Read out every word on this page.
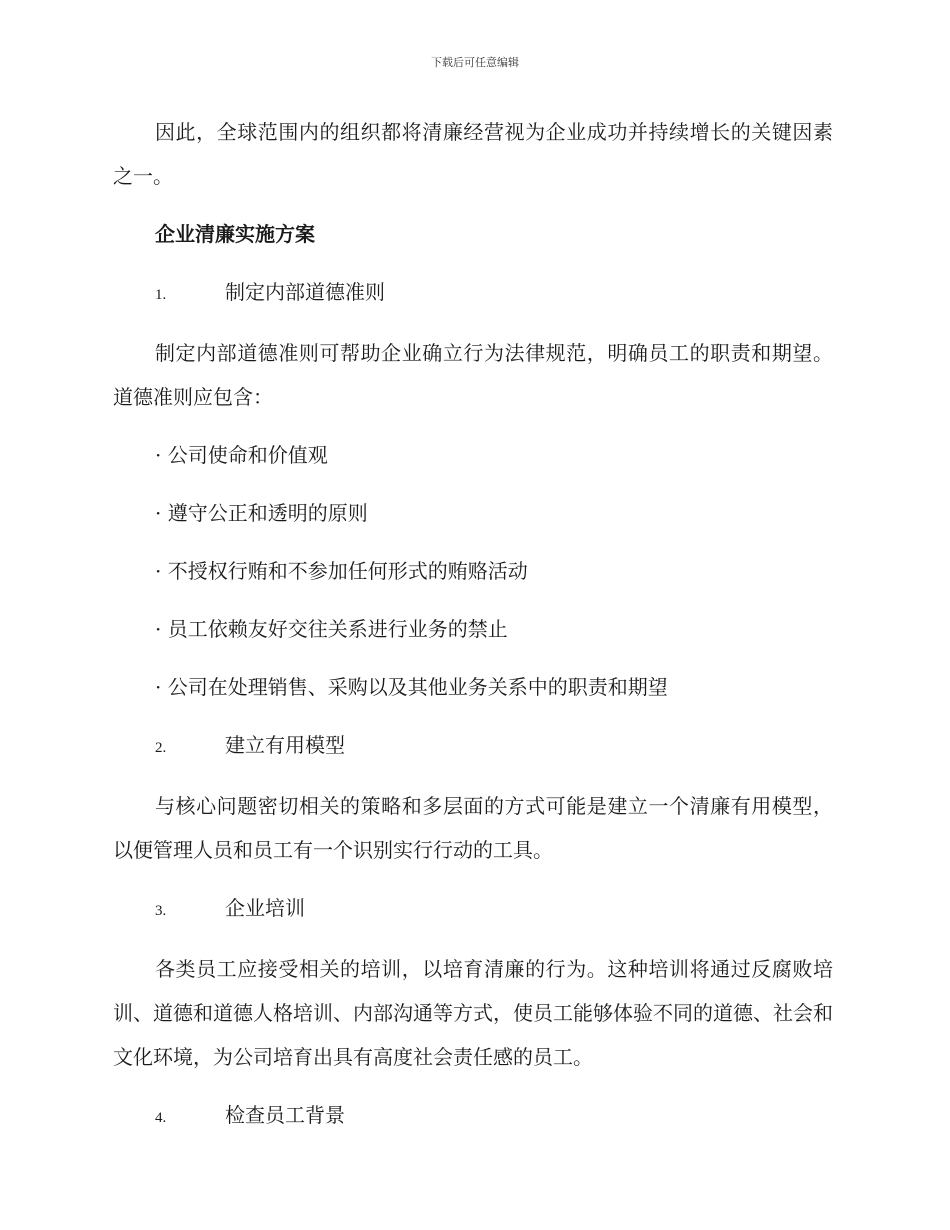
下载后可任意编辑

因此，全球范围内的组织都将清廉经营视为企业成功并持续增长的关键因素之一。

企业清廉实施方案

1.	制定内部道德准则

制定内部道德准则可帮助企业确立行为法律规范，明确员工的职责和期望。道德准则应包含：

· 公司使命和价值观

· 遵守公正和透明的原则

· 不授权行贿和不参加任何形式的贿赂活动

· 员工依赖友好交往关系进行业务的禁止

· 公司在处理销售、采购以及其他业务关系中的职责和期望

2.	建立有用模型

与核心问题密切相关的策略和多层面的方式可能是建立一个清廉有用模型，以便管理人员和员工有一个识别实行行动的工具。

3.	企业培训

各类员工应接受相关的培训，以培育清廉的行为。这种培训将通过反腐败培训、道德和道德人格培训、内部沟通等方式，使员工能够体验不同的道德、社会和文化环境，为公司培育出具有高度社会责任感的员工。

4.	检查员工背景
